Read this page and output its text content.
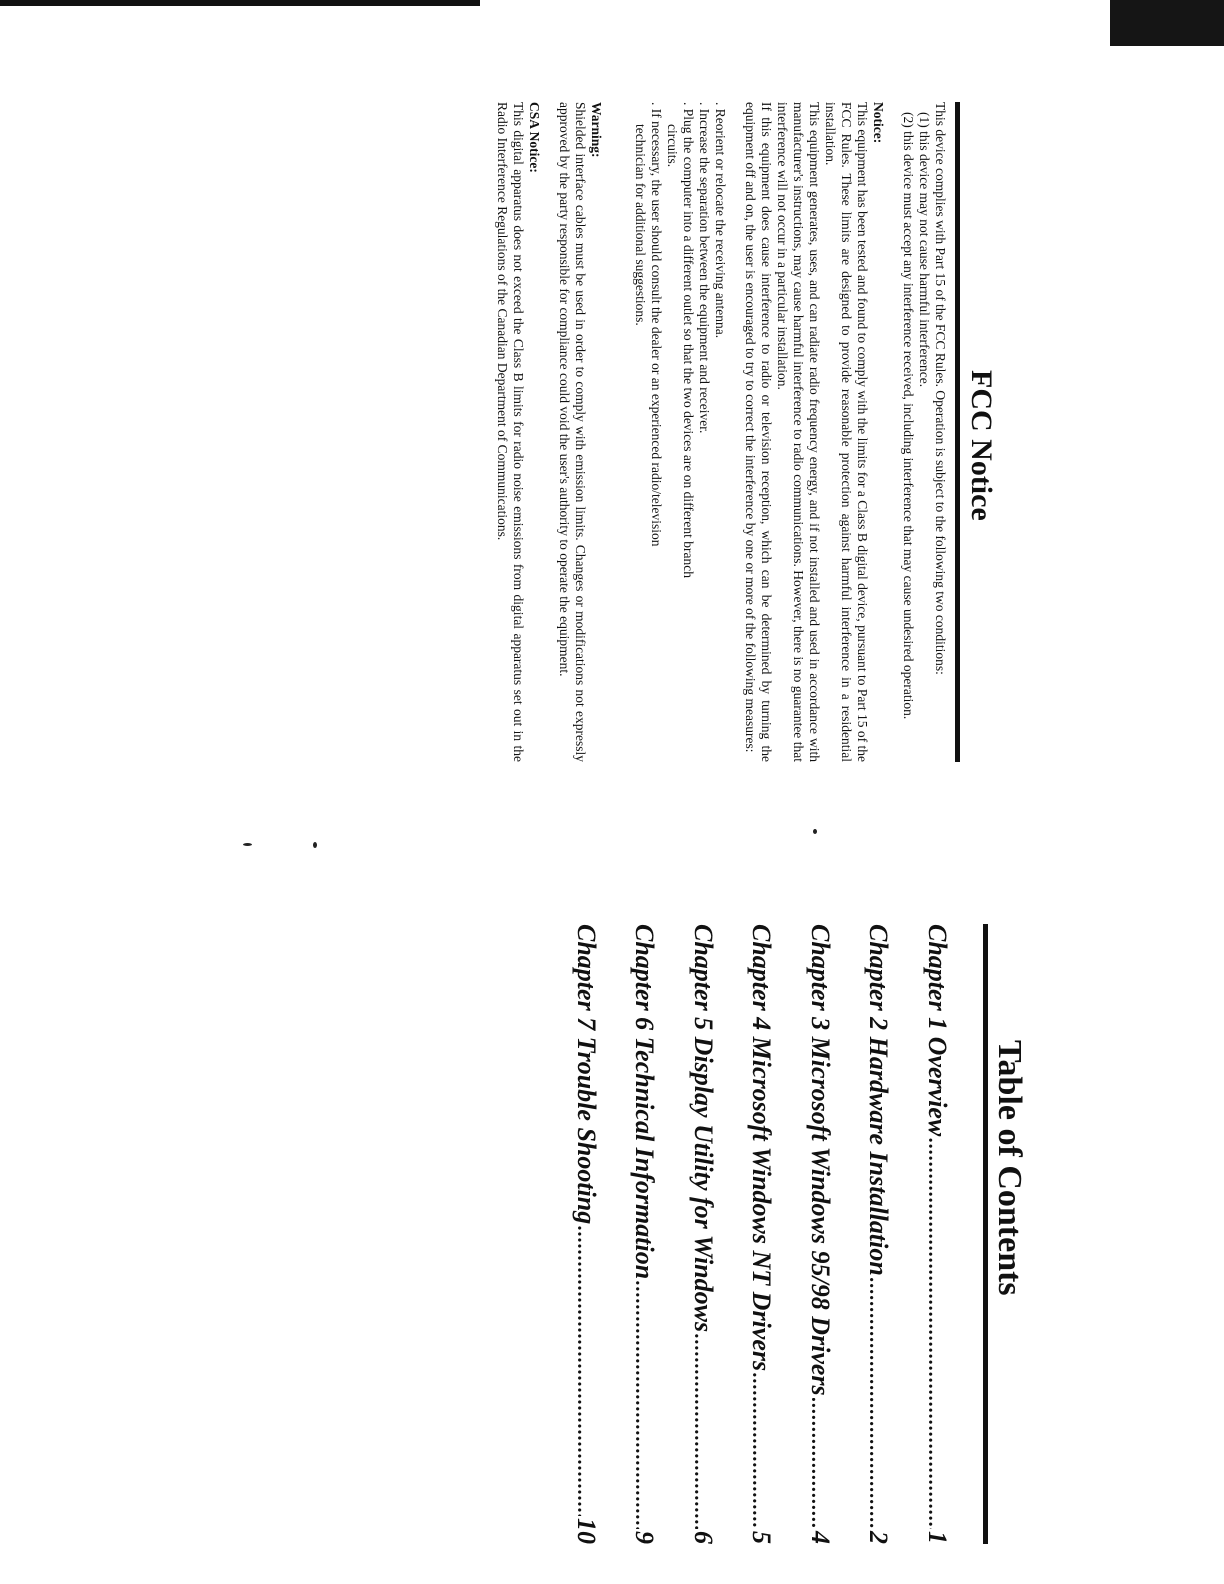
FCC Notice

This device complies with Part 15 of the FCC Rules. Operation is subject to the following two conditions:

(1) this device may not cause harmful interference.

(2) this device must accept any interference received, including interference that may cause undesired operation.

Notice:

This equipment has been tested and found to comply with the limits for a Class B digital device, pursuant to Part 15 of the FCC Rules. These limits are designed to provide reasonable protection against harmful interference in a residential installation.

This equipment generates, uses, and can radiate radio frequency energy, and if not installed and used in accordance with manufacturer's instructions, may cause harmful interference to radio communications. However, there is no guarantee that interference will not occur in a particular installation.

If this equipment does cause interference to radio or television reception, which can be determined by turning the equipment off and on, the user is encouraged to try to correct the interference by one or more of the following measures:

. Reorient or relocate the receiving antenna.

. Increase the separation between the equipment and receiver.

. Plug the computer into a different outlet so that the two devices are on different branch

circuits.

. If necessary, the user should consult the dealer or an experienced radio/television

technician for additional suggestions.

Warning:

Shielded interface cables must be used in order to comply with emission limits. Changes or modifications not expressly approved by the party responsible for compliance could void the user's authority to operate the equipment.

CSA Notice:

This digital apparatus does not exceed the Class B limits for radio noise emissions from digital apparatus set out in the Radio Interference Regulations of the Canadian Department of Communications.

Table of Contents
Chapter 1 Overview
.....
1
Chapter 2 Hardware Installation
.....
2
Chapter 3 Microsoft Windows 95/98 Drivers
.....
4
Chapter 4 Microsoft Windows NT Drivers
.....
5
Chapter 5 Display Utility for Windows
.....
6
Chapter 6 Technical Information
.....
9
Chapter 7 Trouble Shooting
.....
10
